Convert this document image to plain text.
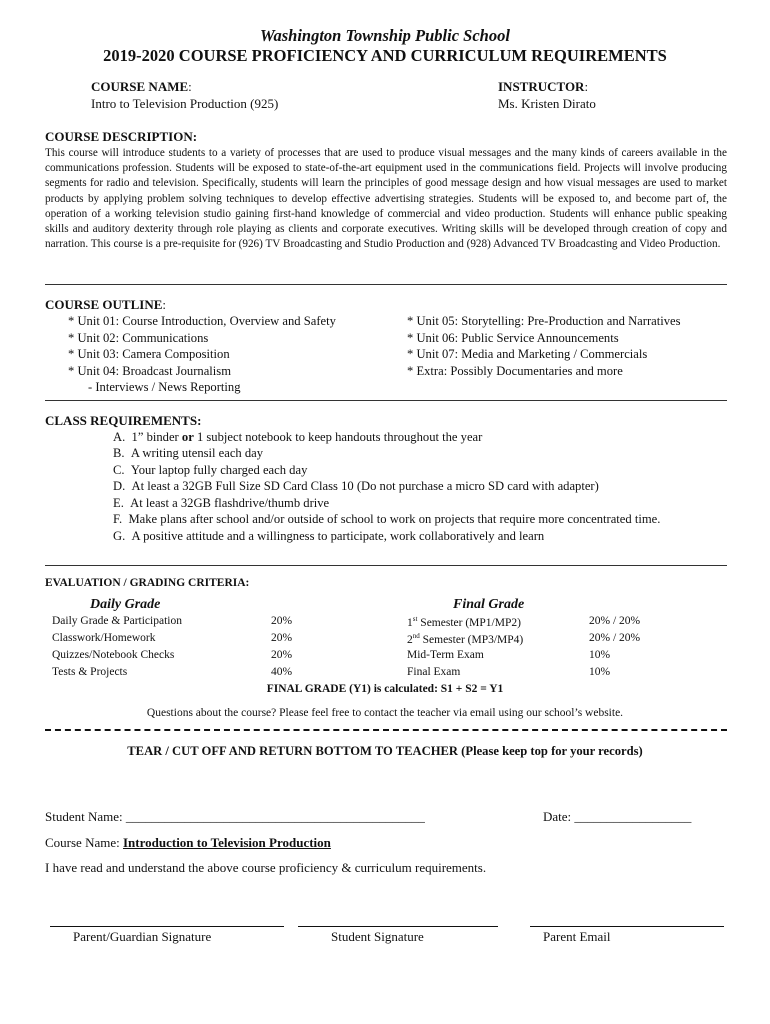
Washington Township Public School
2019-2020 COURSE PROFICIENCY AND CURRICULUM REQUIREMENTS
COURSE NAME:
Intro to Television Production (925)
INSTRUCTOR:
Ms. Kristen Dirato
COURSE DESCRIPTION:
This course will introduce students to a variety of processes that are used to produce visual messages and the many kinds of careers available in the communications profession. Students will be exposed to state-of-the-art equipment used in the communications field. Projects will involve producing segments for radio and television. Specifically, students will learn the principles of good message design and how visual messages are used to market products by applying problem solving techniques to develop effective advertising strategies. Students will be exposed to, and become part of, the operation of a working television studio gaining first-hand knowledge of commercial and video production. Students will enhance public speaking skills and auditory dexterity through role playing as clients and corporate executives. Writing skills will be developed through creation of copy and narration. This course is a pre-requisite for (926) TV Broadcasting and Studio Production and (928) Advanced TV Broadcasting and Video Production.
COURSE OUTLINE:
* Unit 01: Course Introduction, Overview and Safety
* Unit 02: Communications
* Unit 03: Camera Composition
* Unit 04: Broadcast Journalism
- Interviews / News Reporting
* Unit 05: Storytelling: Pre-Production and Narratives
* Unit 06: Public Service Announcements
* Unit 07: Media and Marketing / Commercials
* Extra: Possibly Documentaries and more
CLASS REQUIREMENTS:
A. 1” binder or 1 subject notebook to keep handouts throughout the year
B. A writing utensil each day
C. Your laptop fully charged each day
D. At least a 32GB Full Size SD Card Class 10 (Do not purchase a micro SD card with adapter)
E. At least a 32GB flashdrive/thumb drive
F. Make plans after school and/or outside of school to work on projects that require more concentrated time.
G. A positive attitude and a willingness to participate, work collaboratively and learn
EVALUATION / GRADING CRITERIA:
Daily Grade	Final Grade
Daily Grade & Participation	20%
Classwork/Homework	20%
Quizzes/Notebook Checks	20%
Tests & Projects	40%
1st Semester (MP1/MP2)	20% / 20%
2nd Semester (MP3/MP4)	20% / 20%
Mid-Term Exam	10%
Final Exam	10%
FINAL GRADE (Y1) is calculated: S1 + S2 = Y1
Questions about the course? Please feel free to contact the teacher via email using our school’s website.
TEAR / CUT OFF AND RETURN BOTTOM TO TEACHER (Please keep top for your records)
Student Name: ______________________________________________	Date: __________________
Course Name: Introduction to Television Production
I have read and understand the above course proficiency & curriculum requirements.
Parent/Guardian Signature	Student Signature	Parent Email
